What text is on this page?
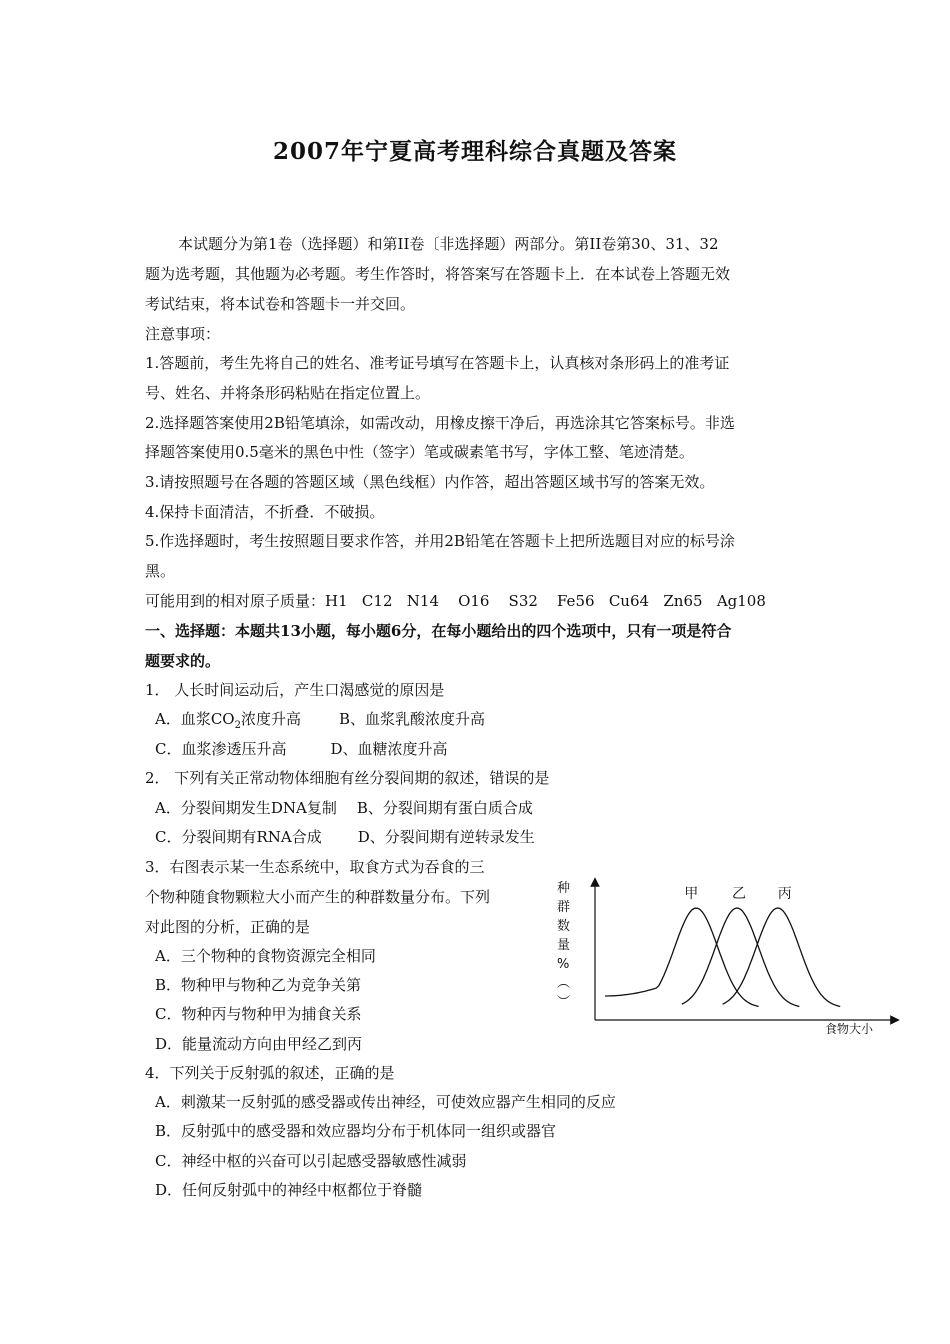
2007年宁夏高考理科综合真题及答案
本试题分为第1卷（选择题）和第II卷〔非选择题）两部分。第II卷第30、31、32
题为选考题，其他题为必考题。考生作答时，将答案写在答题卡上．在本试卷上答题无效
考试结束，将本试卷和答题卡一并交回。
注意事项：
1.答题前，考生先将自己的姓名、准考证号填写在答题卡上，认真核对条形码上的准考证
号、姓名、并将条形码粘贴在指定位置上。
2.选择题答案使用2B铅笔填涂，如需改动，用橡皮擦干净后，再选涂其它答案标号。非选
择题答案使用0.5毫米的黑色中性（签字）笔或碳素笔书写，字体工整、笔迹清楚。
3.请按照题号在各题的答题区域（黑色线框）内作答，超出答题区域书写的答案无效。
4.保持卡面清洁，不折叠．不破损。
5.作选择题时，考生按照题目要求作答，并用2B铅笔在答题卡上把所选题目对应的标号涂
黑。
可能用到的相对原子质量：H1   C12   N14    O16    S32    Fe56   Cu64   Zn65   Ag108
一、选择题：本题共13小题，每小题6分，在每小题给出的四个选项中，只有一项是符合
题要求的。
1． 人长时间运动后，产生口渴感觉的原因是
A．血浆$CO_2$浓度升高	B、血浆乳酸浓度升高
C．血浆渗透压升高	D、血糖浓度升高
2． 下列有关正常动物体细胞有丝分裂间期的叙述，错误的是
A．分裂间期发生DNA复制 B、分裂间期有蛋白质合成
C．分裂间期有RNA合成 D、分裂间期有逆转录发生
3．右图表示某一生态系统中，取食方式为吞食的三
个物种随食物颗粒大小而产生的种群数量分布。下列
对此图的分析，正确的是
A．三个物种的食物资源完全相同
B．物种甲与物种乙为竞争关第
C．物种丙与物种甲为捕食关系
D．能量流动方向由甲经乙到丙
种
群
数
量
%
︵
︶
食物大小
甲 乙 丙
4．下列关于反射弧的叙述，正确的是
A．刺激某一反射弧的感受器或传出神经，可使效应器产生相同的反应
B．反射弧中的感受器和效应器均分布于机体同一组织或器官
C．神经中枢的兴奋可以引起感受器敏感性减弱
D．任何反射弧中的神经中枢都位于脊髓
